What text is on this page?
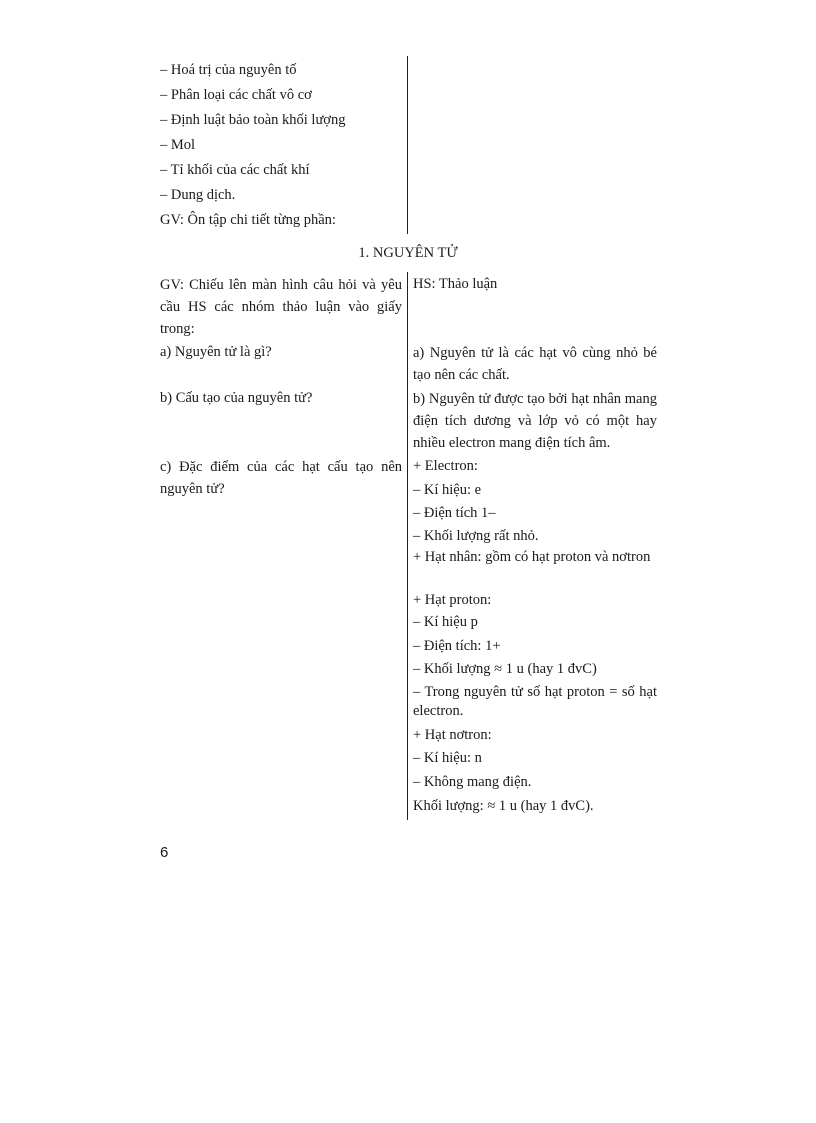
– Hoá trị của nguyên tố
– Phân loại các chất vô cơ
– Định luật bảo toàn khối lượng
– Mol
– Tỉ khối của các chất khí
– Dung dịch.
GV: Ôn tập chi tiết từng phần:
1. NGUYÊN TỬ
GV: Chiếu lên màn hình câu hỏi và yêu cầu HS các nhóm thảo luận vào giấy trong:
HS: Thảo luận
a) Nguyên tử là gì?	a) Nguyên tử là các hạt vô cùng nhỏ bé tạo nên các chất.
b) Cấu tạo của nguyên tử?	b) Nguyên tử được tạo bởi hạt nhân mang điện tích dương và lớp vỏ có một hay nhiều electron mang điện tích âm.
c) Đặc điểm của các hạt cấu tạo nên nguyên tử?
+ Electron:
– Kí hiệu: e
– Điện tích 1–
– Khối lượng rất nhỏ.
+ Hạt nhân: gồm có hạt proton và nơtron
+ Hạt proton:
– Kí hiệu p
– Điện tích: 1+
– Khối lượng ≈ 1 u (hay 1 đvC)
– Trong nguyên tử số hạt proton = số hạt electron.
+ Hạt nơtron:
– Kí hiệu: n
– Không mang điện.
Khối lượng: ≈ 1 u (hay 1 đvC).
6
